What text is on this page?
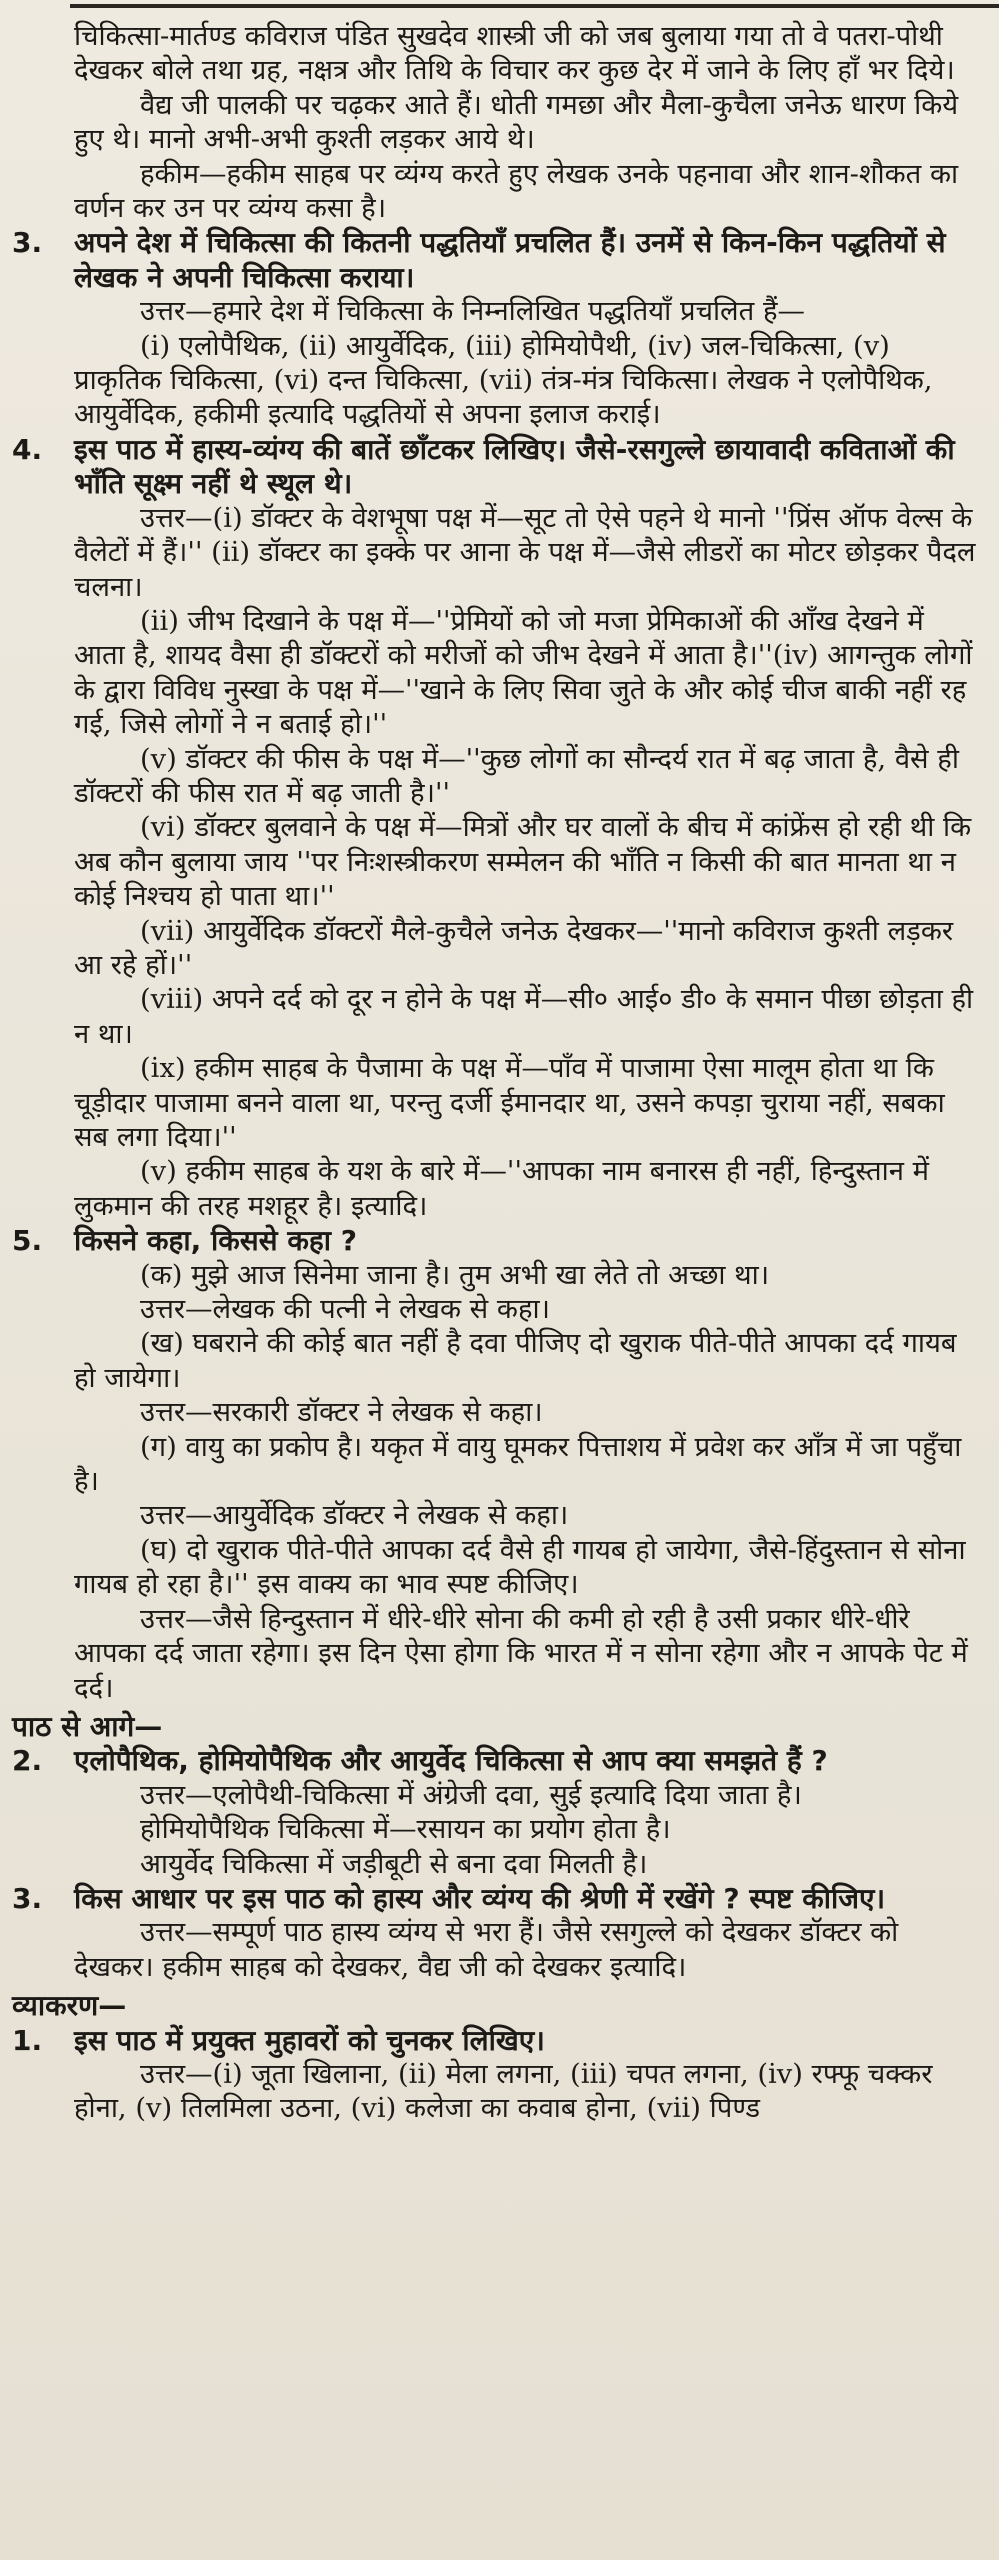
चिकित्सा-मार्तण्ड कविराज पंडित सुखदेव शास्त्री जी को जब बुलाया गया तो वे पतरा-पोथी देखकर बोले तथा ग्रह, नक्षत्र और तिथि के विचार कर कुछ देर में जाने के लिए हाँ भर दिये।

वैद्य जी पालकी पर चढ़कर आते हैं। धोती गमछा और मैला-कुचैला जनेऊ धारण किये हुए थे। मानो अभी-अभी कुश्ती लड़कर आये थे।

हकीम—हकीम साहब पर व्यंग्य करते हुए लेखक उनके पहनावा और शान-शौकत का वर्णन कर उन पर व्यंग्य कसा है।

3. अपने देश में चिकित्सा की कितनी पद्धतियाँ प्रचलित हैं। उनमें से किन-किन पद्धतियों से लेखक ने अपनी चिकित्सा कराया।

उत्तर—हमारे देश में चिकित्सा के निम्नलिखित पद्धतियाँ प्रचलित हैं—

(i) एलोपैथिक, (ii) आयुर्वेदिक, (iii) होमियोपैथी, (iv) जल-चिकित्सा, (v) प्राकृतिक चिकित्सा, (vi) दन्त चिकित्सा, (vii) तंत्र-मंत्र चिकित्सा। लेखक ने एलोपैथिक, आयुर्वेदिक, हकीमी इत्यादि पद्धतियों से अपना इलाज कराई।

4. इस पाठ में हास्य-व्यंग्य की बातें छाँटकर लिखिए। जैसे-रसगुल्ले छायावादी कविताओं की भाँति सूक्ष्म नहीं थे स्थूल थे।

उत्तर—(i) डॉक्टर के वेशभूषा पक्ष में—सूट तो ऐसे पहने थे मानो ''प्रिंस ऑफ वेल्स के वैलेटों में हैं।'' (ii) डॉक्टर का इक्के पर आना के पक्ष में—जैसे लीडरों का मोटर छोड़कर पैदल चलना।

(ii) जीभ दिखाने के पक्ष में—''प्रेमियों को जो मजा प्रेमिकाओं की आँख देखने में आता है, शायद वैसा ही डॉक्टरों को मरीजों को जीभ देखने में आता है।''(iv) आगन्तुक लोगों के द्वारा विविध नुस्खा के पक्ष में—''खाने के लिए सिवा जुते के और कोई चीज बाकी नहीं रह गई, जिसे लोगों ने न बताई हो।''

(v) डॉक्टर की फीस के पक्ष में—''कुछ लोगों का सौन्दर्य रात में बढ़ जाता है, वैसे ही डॉक्टरों की फीस रात में बढ़ जाती है।''

(vi) डॉक्टर बुलवाने के पक्ष में—मित्रों और घर वालों के बीच में कांफ्रेंस हो रही थी कि अब कौन बुलाया जाय ''पर निःशस्त्रीकरण सम्मेलन की भाँति न किसी की बात मानता था न कोई निश्चय हो पाता था।''

(vii) आयुर्वेदिक डॉक्टरों मैले-कुचैले जनेऊ देखकर—''मानो कविराज कुश्ती लड़कर आ रहे हों।''

(viii) अपने दर्द को दूर न होने के पक्ष में—सी० आई० डी० के समान पीछा छोड़ता ही न था।

(ix) हकीम साहब के पैजामा के पक्ष में—पाँव में पाजामा ऐसा मालूम होता था कि चूड़ीदार पाजामा बनने वाला था, परन्तु दर्जी ईमानदार था, उसने कपड़ा चुराया नहीं, सबका सब लगा दिया।''

(v) हकीम साहब के यश के बारे में—''आपका नाम बनारस ही नहीं, हिन्दुस्तान में लुकमान की तरह मशहूर है। इत्यादि।

5. किसने कहा, किससे कहा ?

(क) मुझे आज सिनेमा जाना है। तुम अभी खा लेते तो अच्छा था।

उत्तर—लेखक की पत्नी ने लेखक से कहा।

(ख) घबराने की कोई बात नहीं है दवा पीजिए दो खुराक पीते-पीते आपका दर्द गायब हो जायेगा।

उत्तर—सरकारी डॉक्टर ने लेखक से कहा।

(ग) वायु का प्रकोप है। यकृत में वायु घूमकर पित्ताशय में प्रवेश कर आँत्र में जा पहुँचा है।

उत्तर—आयुर्वेदिक डॉक्टर ने लेखक से कहा।

(घ) दो खुराक पीते-पीते आपका दर्द वैसे ही गायब हो जायेगा, जैसे-हिंदुस्तान से सोना गायब हो रहा है।'' इस वाक्य का भाव स्पष्ट कीजिए।

उत्तर—जैसे हिन्दुस्तान में धीरे-धीरे सोना की कमी हो रही है उसी प्रकार धीरे-धीरे आपका दर्द जाता रहेगा। इस दिन ऐसा होगा कि भारत में न सोना रहेगा और न आपके पेट में दर्द।

पाठ से आगे—

2. एलोपैथिक, होमियोपैथिक और आयुर्वेद चिकित्सा से आप क्या समझते हैं ?

उत्तर—एलोपैथी-चिकित्सा में अंग्रेजी दवा, सुई इत्यादि दिया जाता है।

होमियोपैथिक चिकित्सा में—रसायन का प्रयोग होता है।

आयुर्वेद चिकित्सा में जड़ीबूटी से बना दवा मिलती है।

3. किस आधार पर इस पाठ को हास्य और व्यंग्य की श्रेणी में रखेंगे ? स्पष्ट कीजिए।

उत्तर—सम्पूर्ण पाठ हास्य व्यंग्य से भरा हैं। जैसे रसगुल्ले को देखकर डॉक्टर को देखकर। हकीम साहब को देखकर, वैद्य जी को देखकर इत्यादि।

व्याकरण—

1. इस पाठ में प्रयुक्त मुहावरों को चुनकर लिखिए।

उत्तर—(i) जूता खिलाना, (ii) मेला लगना, (iii) चपत लगना, (iv) रफ्फू चक्कर होना, (v) तिलमिला उठना, (vi) कलेजा का कवाब होना, (vii) पिण्ड
